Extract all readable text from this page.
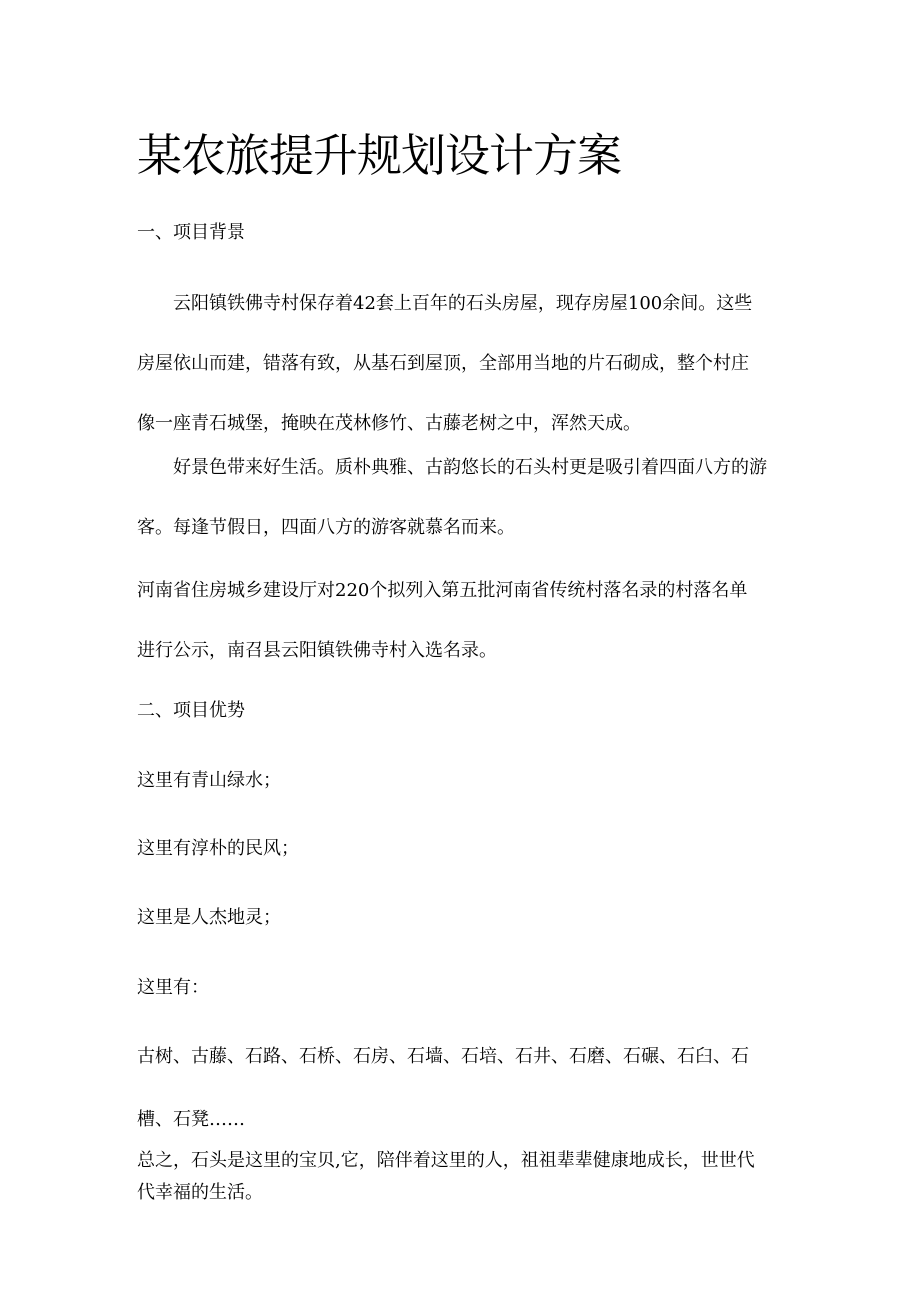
某农旅提升规划设计方案

一、项目背景

云阳镇铁佛寺村保存着42套上百年的石头房屋，现存房屋100余间。这些
房屋依山而建，错落有致，从基石到屋顶，全部用当地的片石砌成，整个村庄
像一座青石城堡，掩映在茂林修竹、古藤老树之中，浑然天成。
好景色带来好生活。质朴典雅、古韵悠长的石头村更是吸引着四面八方的游
客。每逢节假日，四面八方的游客就慕名而来。
河南省住房城乡建设厅对220个拟列入第五批河南省传统村落名录的村落名单
进行公示，南召县云阳镇铁佛寺村入选名录。

二、项目优势

这里有青山绿水；

这里有淳朴的民风；

这里是人杰地灵；

这里有：

古树、古藤、石路、石桥、石房、石墙、石培、石井、石磨、石碾、石臼、石
槽、石凳……
总之，石头是这里的宝贝,它，陪伴着这里的人，祖祖辈辈健康地成长，世世代
代幸福的生活。
